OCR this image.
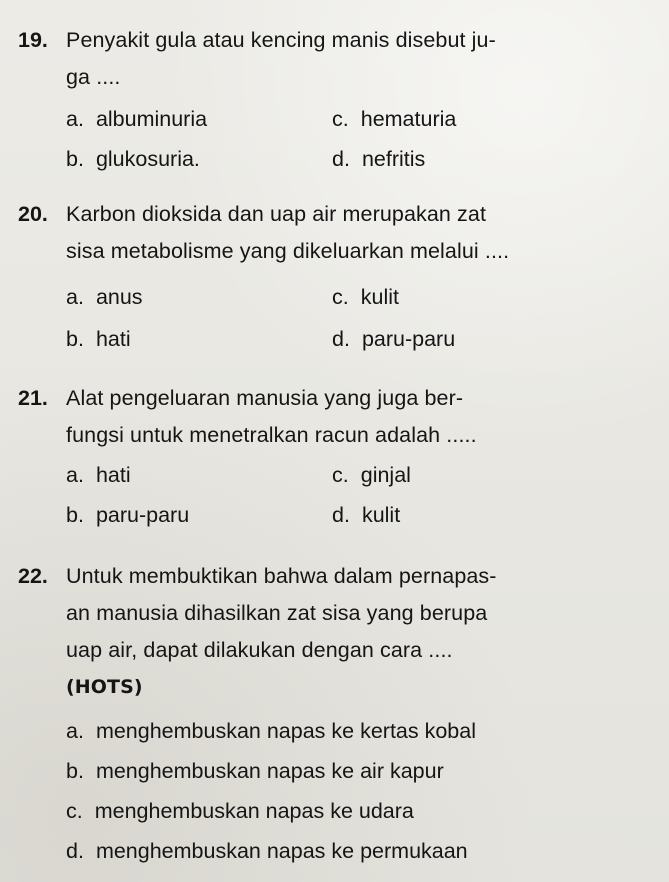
19. Penyakit gula atau kencing manis disebut ju-
ga ....
a. albuminuria
b. glukosuria.
c. hematuria
d. nefritis
20. Karbon dioksida dan uap air merupakan zat
sisa metabolisme yang dikeluarkan melalui ....
a. anus
b. hati
c. kulit
d. paru-paru
21. Alat pengeluaran manusia yang juga ber-
fungsi untuk menetralkan racun adalah .....
a. hati
b. paru-paru
c. ginjal
d. kulit
22. Untuk membuktikan bahwa dalam pernapas-
an manusia dihasilkan zat sisa yang berupa
uap air, dapat dilakukan dengan cara ....
(HOTS)
a. menghembuskan napas ke kertas kobal
b. menghembuskan napas ke air kapur
c. menghembuskan napas ke udara
d. menghembuskan napas ke permukaan
